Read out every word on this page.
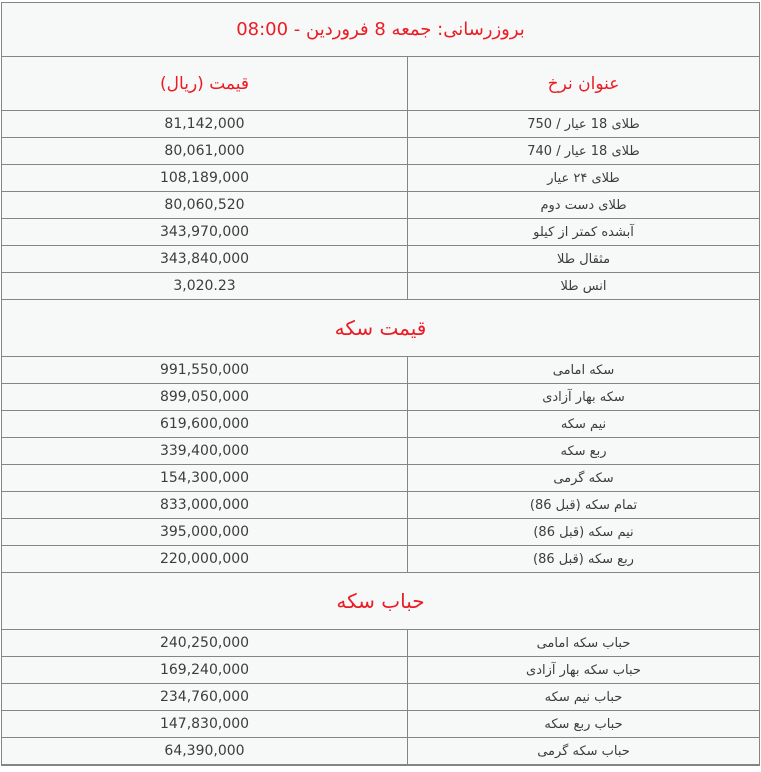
بروزرسانی: جمعه 8 فروردین - 08:00
عنوان نرخ
قیمت (ریال)
طلای 18 عیار / 750
81,142,000
طلای 18 عیار / 740
80,061,000
طلای ۲۴ عیار
108,189,000
طلای دست دوم
80,060,520
آبشده کمتر از کیلو
343,970,000
مثقال طلا
343,840,000
انس طلا
3,020.23
قیمت سکه
سکه امامی
991,550,000
سکه بهار آزادی
899,050,000
نیم سکه
619,600,000
ربع سکه
339,400,000
سکه گرمی
154,300,000
تمام سکه (قبل 86)
833,000,000
نیم سکه (قبل 86)
395,000,000
ربع سکه (قبل 86)
220,000,000
حباب سکه
حباب سکه امامی
240,250,000
حباب سکه بهار آزادی
169,240,000
حباب نیم سکه
234,760,000
حباب ربع سکه
147,830,000
حباب سکه گرمی
64,390,000
